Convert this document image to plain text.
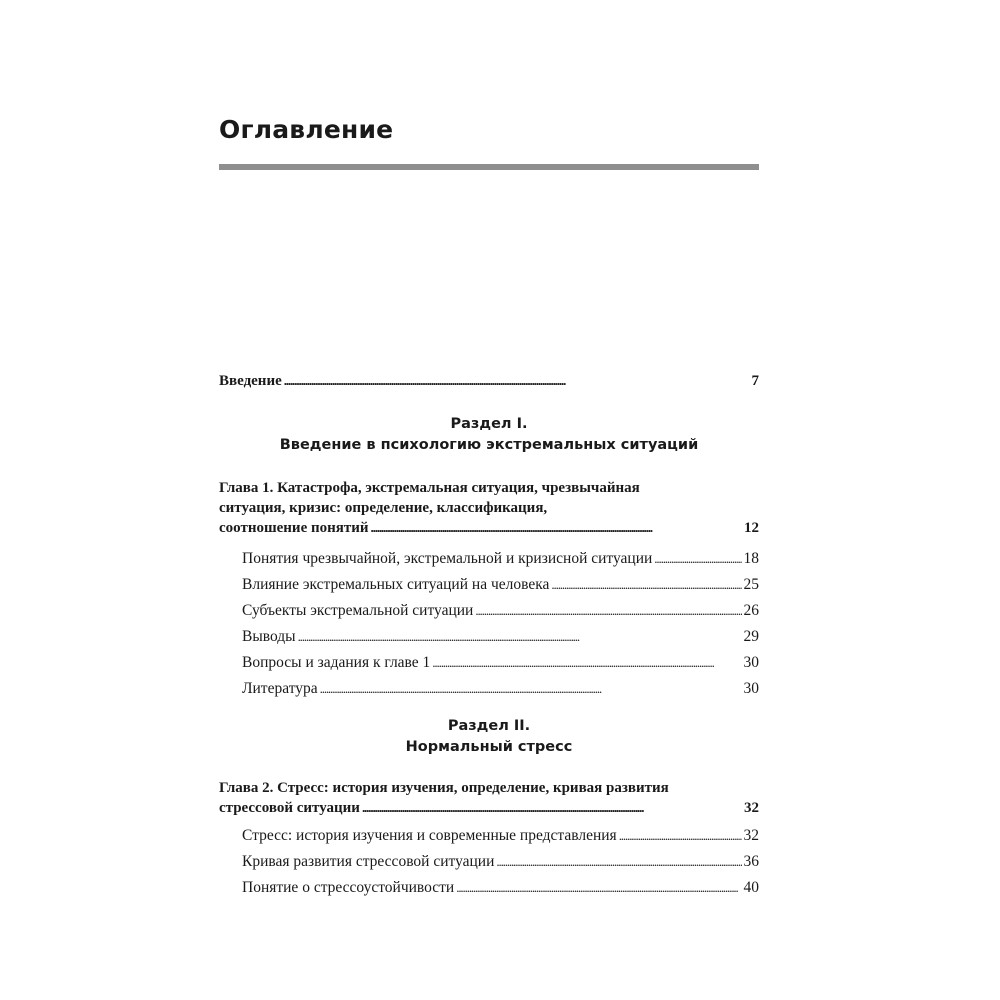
Оглавление
Введение . . .	7
Раздел I.
Введение в психологию экстремальных ситуаций
Глава 1. Катастрофа, экстремальная ситуация, чрезвычайная
ситуация, кризис: определение, классификация,
соотношение понятий . . .	12
Понятия чрезвычайной, экстремальной и кризисной ситуации . . .	18
Влияние экстремальных ситуаций на человека . . .	25
Субъекты экстремальной ситуации . . .	26
Выводы . . .	29
Вопросы и задания к главе 1 . . .	30
Литература . . .	30
Раздел II.
Нормальный стресс
Глава 2. Стресс: история изучения, определение, кривая развития
стрессовой ситуации . . .	32
Стресс: история изучения и современные представления . . .	32
Кривая развития стрессовой ситуации . . .	36
Понятие о стрессоустойчивости . . .	40
